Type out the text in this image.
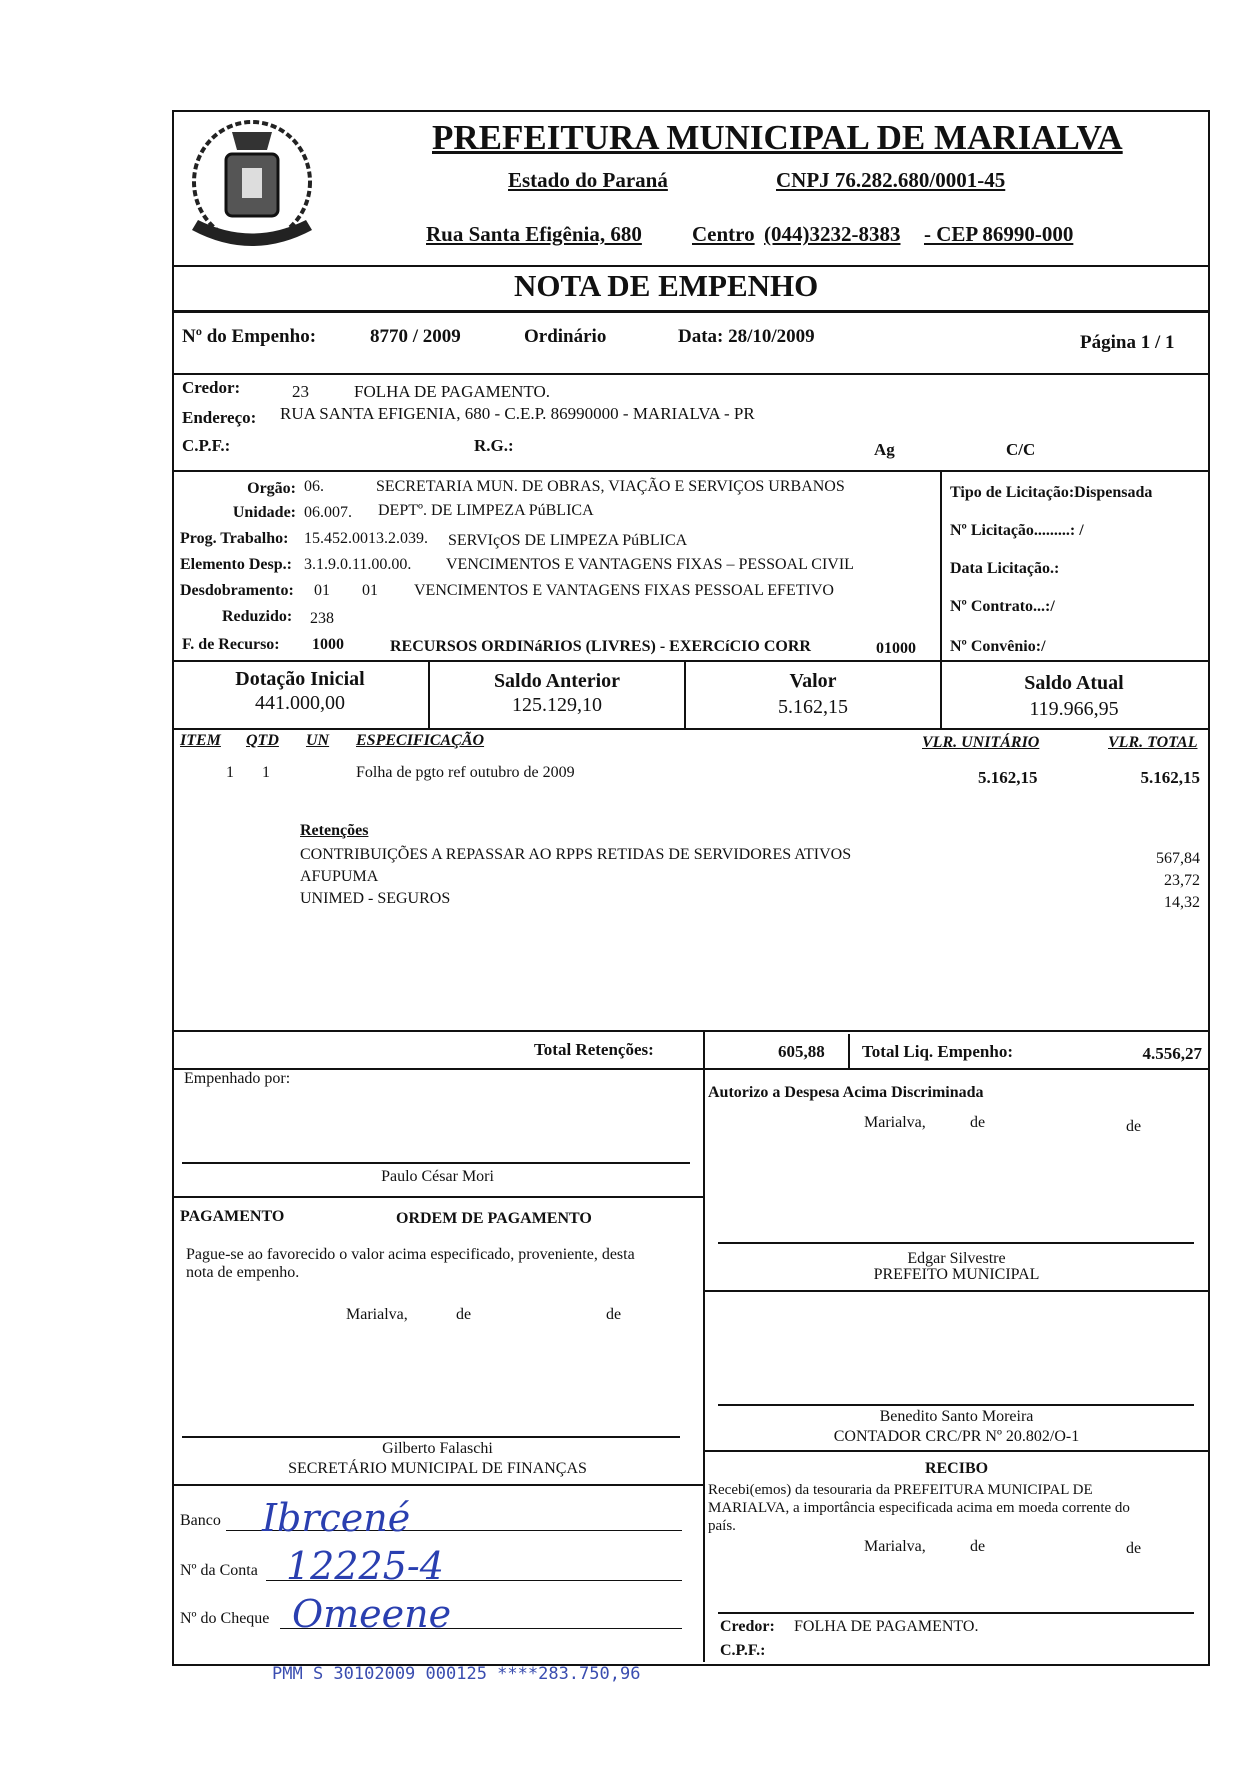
PREFEITURA MUNICIPAL DE MARIALVA
Estado do Paraná	CNPJ 76.282.680/0001-45
Rua Santa Efigênia, 680 Centro (044)3232-8383 - CEP 86990-000
NOTA DE EMPENHO
Nº do Empenho:	8770 / 2009	Ordinário	Data: 28/10/2009	Página 1 / 1
Credor:	23	FOLHA DE PAGAMENTO.
Endereço: RUA SANTA EFIGENIA, 680 - C.E.P. 86990000 - MARIALVA - PR
C.P.F.:	R.G.:	Ag	C/C
Orgão: 06.	SECRETARIA MUN. DE OBRAS, VIAÇÃO E SERVIÇOS URBANOS
Unidade: 06.007. DEPTº. DE LIMPEZA PúBLICA
Prog. Trabalho: 15.452.0013.2.039. SERVIçOS DE LIMPEZA PúBLICA
Elemento Desp.: 3.1.9.0.11.00.00. VENCIMENTOS E VANTAGENS FIXAS – PESSOAL CIVIL
Desdobramento: 01 01 VENCIMENTOS E VANTAGENS FIXAS PESSOAL EFETIVO
Reduzido: 238
F. de Recurso: 1000	RECURSOS ORDINáRIOS (LIVRES) - EXERCíCIO CORR	01000
Tipo de Licitação:Dispensada
Nº Licitação.........: /
Data Licitação.:
Nº Contrato...:/
Nº Convênio:/
Dotação Inicial
441.000,00
Saldo Anterior
125.129,10
Valor
5.162,15
Saldo Atual
119.966,95
ITEM QTD UN ESPECIFICAÇÃO	VLR. UNITÁRIO	VLR. TOTAL
1 1	Folha de pgto ref outubro de 2009	5.162,15	5.162,15
Retenções
CONTRIBUIÇÕES A REPASSAR AO RPPS RETIDAS DE SERVIDORES ATIVOS	567,84
AFUPUMA	23,72
UNIMED - SEGUROS	14,32
Total Retenções:	605,88 Total Liq. Empenho:	4.556,27
Empenhado por:
Paulo César Mori
PAGAMENTO	ORDEM DE PAGAMENTO
Pague-se ao favorecido o valor acima especificado, proveniente, desta
nota de empenho.
Marialva,	de	de
Gilberto Falaschi
SECRETÁRIO MUNICIPAL DE FINANÇAS
Banco Ibrcené
Nº da Conta 12225-4
Nº do Cheque Omeene
Autorizo a Despesa Acima Discriminada
Marialva,	de	de
Edgar Silvestre
PREFEITO MUNICIPAL
Benedito Santo Moreira
CONTADOR CRC/PR Nº 20.802/O-1
RECIBO
Recebi(emos) da tesouraria da PREFEITURA MUNICIPAL DE
MARIALVA, a importância especificada acima em moeda corrente do
país.
Marialva,	de	de
Credor: FOLHA DE PAGAMENTO.
C.P.F.:
PMM S 30102009 000125 ****283.750,96
